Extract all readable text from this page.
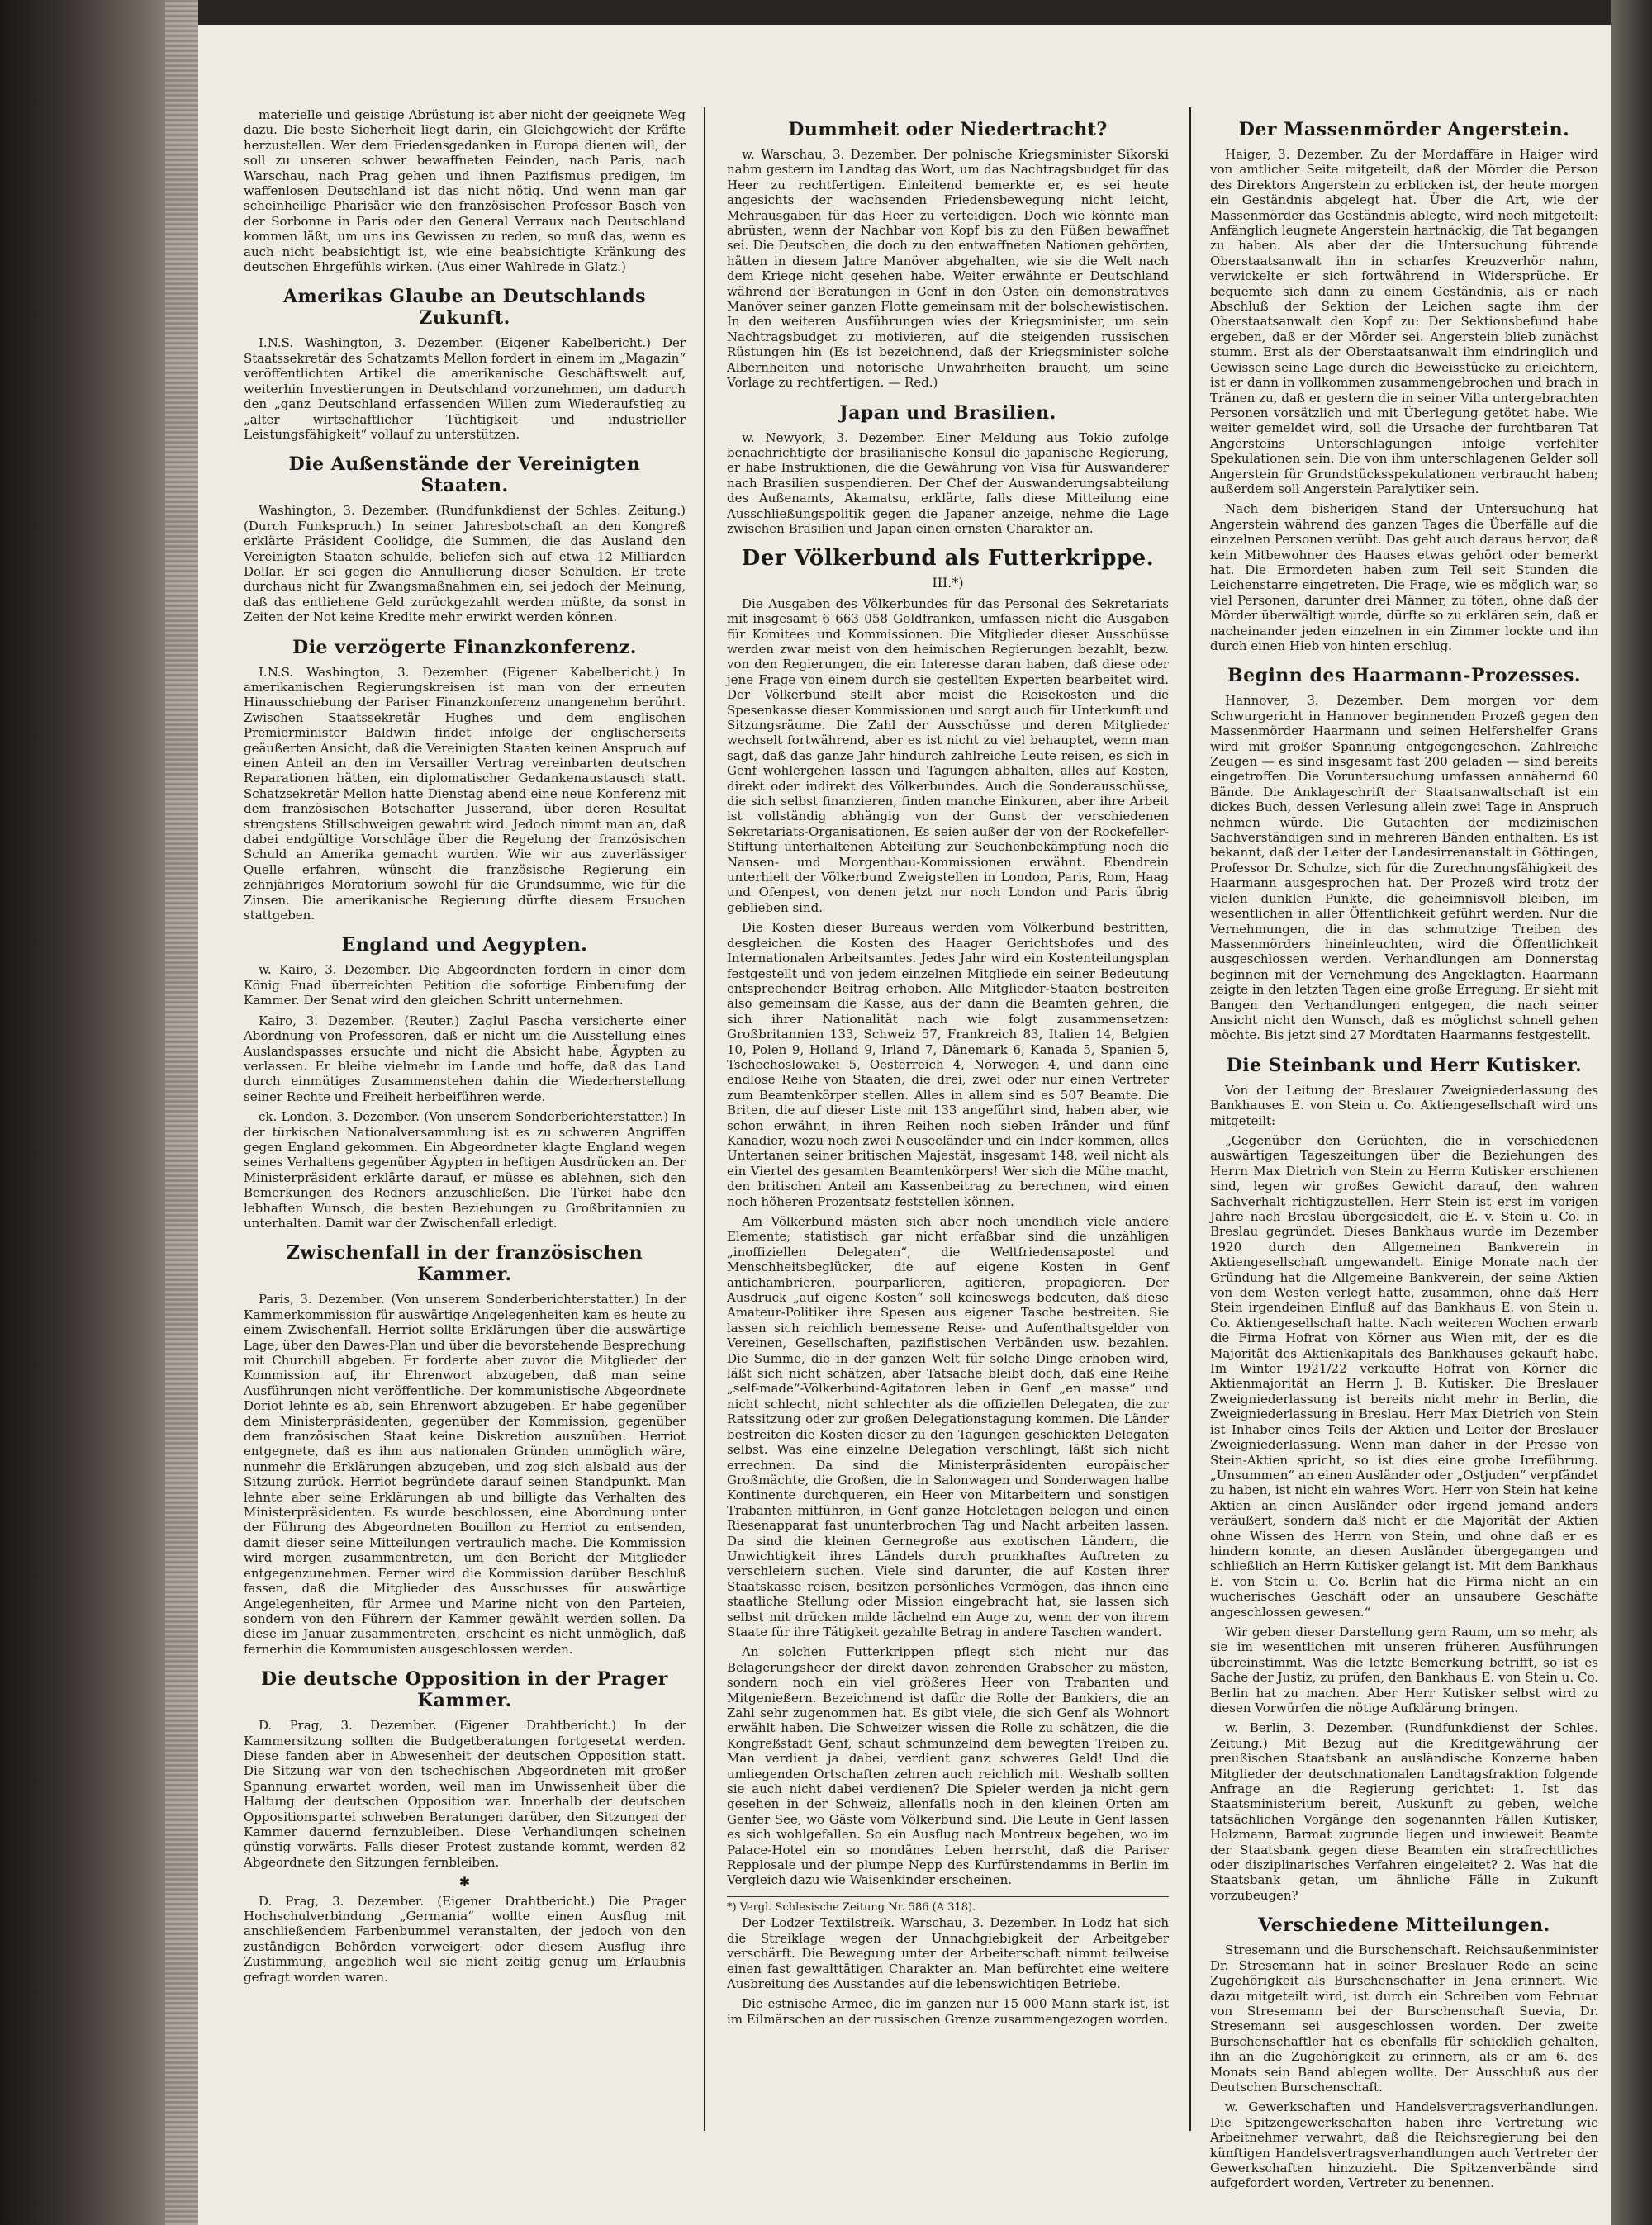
materielle und geistige Abrüstung ist aber nicht der geeignete Weg dazu. Die beste Sicherheit liegt darin, ein Gleichgewicht der Kräfte herzustellen. Wer dem Friedensgedanken in Europa dienen will, der soll zu unseren schwer bewaffneten Feinden, nach Paris, nach Warschau, nach Prag gehen und ihnen Pazifismus predigen, im waffenlosen Deutschland ist das nicht nötig. Und wenn man gar scheinheilige Pharisäer wie den französischen Professor Basch von der Sorbonne in Paris oder den General Verraux nach Deutschland kommen läßt, um uns ins Gewissen zu reden, so muß das, wenn es auch nicht beabsichtigt ist, wie eine beabsichtigte Kränkung des deutschen Ehrgefühls wirken. (Aus einer Wahlrede in Glatz.)

Amerikas Glaube an Deutschlands Zukunft.

I.N.S. Washington, 3. Dezember. (Eigener Kabelbericht.) Der Staatssekretär des Schatzamts Mellon fordert in einem im „Magazin“ veröffentlichten Artikel die amerikanische Geschäftswelt auf, weiterhin Investierungen in Deutschland vorzunehmen, um dadurch den „ganz Deutschland erfassenden Willen zum Wiederaufstieg zu „alter wirtschaftlicher Tüchtigkeit und industrieller Leistungsfähigkeit“ vollauf zu unterstützen.

Die Außenstände der Vereinigten Staaten.

Washington, 3. Dezember. (Rundfunkdienst der Schles. Zeitung.) (Durch Funkspruch.) In seiner Jahresbotschaft an den Kongreß erklärte Präsident Coolidge, die Summen, die das Ausland den Vereinigten Staaten schulde, beliefen sich auf etwa 12 Milliarden Dollar. Er sei gegen die Annullierung dieser Schulden. Er trete durchaus nicht für Zwangsmaßnahmen ein, sei jedoch der Meinung, daß das entliehene Geld zurückgezahlt werden müßte, da sonst in Zeiten der Not keine Kredite mehr erwirkt werden können.

Die verzögerte Finanzkonferenz.

I.N.S. Washington, 3. Dezember. (Eigener Kabelbericht.) In amerikanischen Regierungskreisen ist man von der erneuten Hinausschiebung der Pariser Finanzkonferenz unangenehm berührt. Zwischen Staatssekretär Hughes und dem englischen Premierminister Baldwin findet infolge der englischerseits geäußerten Ansicht, daß die Vereinigten Staaten keinen Anspruch auf einen Anteil an den im Versailler Vertrag vereinbarten deutschen Reparationen hätten, ein diplomatischer Gedankenaustausch statt. Schatzsekretär Mellon hatte Dienstag abend eine neue Konferenz mit dem französischen Botschafter Jusserand, über deren Resultat strengstens Stillschweigen gewahrt wird. Jedoch nimmt man an, daß dabei endgültige Vorschläge über die Regelung der französischen Schuld an Amerika gemacht wurden. Wie wir aus zuverlässiger Quelle erfahren, wünscht die französische Regierung ein zehnjähriges Moratorium sowohl für die Grundsumme, wie für die Zinsen. Die amerikanische Regierung dürfte diesem Ersuchen stattgeben.

England und Aegypten.

w. Kairo, 3. Dezember. Die Abgeordneten fordern in einer dem König Fuad überreichten Petition die sofortige Einberufung der Kammer. Der Senat wird den gleichen Schritt unternehmen.

Kairo, 3. Dezember. (Reuter.) Zaglul Pascha versicherte einer Abordnung von Professoren, daß er nicht um die Ausstellung eines Auslandspasses ersuchte und nicht die Absicht habe, Ägypten zu verlassen. Er bleibe vielmehr im Lande und hoffe, daß das Land durch einmütiges Zusammenstehen dahin die Wiederherstellung seiner Rechte und Freiheit herbeiführen werde.

ck. London, 3. Dezember. (Von unserem Sonderberichterstatter.) In der türkischen Nationalversammlung ist es zu schweren Angriffen gegen England gekommen. Ein Abgeordneter klagte England wegen seines Verhaltens gegenüber Ägypten in heftigen Ausdrücken an. Der Ministerpräsident erklärte darauf, er müsse es ablehnen, sich den Bemerkungen des Redners anzuschließen. Die Türkei habe den lebhaften Wunsch, die besten Beziehungen zu Großbritannien zu unterhalten. Damit war der Zwischenfall erledigt.

Zwischenfall in der französischen Kammer.

Paris, 3. Dezember. (Von unserem Sonderberichterstatter.) In der Kammerkommission für auswärtige Angelegenheiten kam es heute zu einem Zwischenfall. Herriot sollte Erklärungen über die auswärtige Lage, über den Dawes-Plan und über die bevorstehende Besprechung mit Churchill abgeben. Er forderte aber zuvor die Mitglieder der Kommission auf, ihr Ehrenwort abzugeben, daß man seine Ausführungen nicht veröffentliche. Der kommunistische Abgeordnete Doriot lehnte es ab, sein Ehrenwort abzugeben. Er habe gegenüber dem Ministerpräsidenten, gegenüber der Kommission, gegenüber dem französischen Staat keine Diskretion auszuüben. Herriot entgegnete, daß es ihm aus nationalen Gründen unmöglich wäre, nunmehr die Erklärungen abzugeben, und zog sich alsbald aus der Sitzung zurück. Herriot begründete darauf seinen Standpunkt. Man lehnte aber seine Erklärungen ab und billigte das Verhalten des Ministerpräsidenten. Es wurde beschlossen, eine Abordnung unter der Führung des Abgeordneten Bouillon zu Herriot zu entsenden, damit dieser seine Mitteilungen vertraulich mache. Die Kommission wird morgen zusammentreten, um den Bericht der Mitglieder entgegenzunehmen. Ferner wird die Kommission darüber Beschluß fassen, daß die Mitglieder des Ausschusses für auswärtige Angelegenheiten, für Armee und Marine nicht von den Parteien, sondern von den Führern der Kammer gewählt werden sollen. Da diese im Januar zusammentreten, erscheint es nicht unmöglich, daß fernerhin die Kommunisten ausgeschlossen werden.

Die deutsche Opposition in der Prager Kammer.

D. Prag, 3. Dezember. (Eigener Drahtbericht.) In der Kammersitzung sollten die Budgetberatungen fortgesetzt werden. Diese fanden aber in Abwesenheit der deutschen Opposition statt. Die Sitzung war von den tschechischen Abgeordneten mit großer Spannung erwartet worden, weil man im Unwissenheit über die Haltung der deutschen Opposition war. Innerhalb der deutschen Oppositionspartei schweben Beratungen darüber, den Sitzungen der Kammer dauernd fernzubleiben. Diese Verhandlungen scheinen günstig vorwärts. Falls dieser Protest zustande kommt, werden 82 Abgeordnete den Sitzungen fernbleiben.

✱

D. Prag, 3. Dezember. (Eigener Drahtbericht.) Die Prager Hochschulverbindung „Germania“ wollte einen Ausflug mit anschließendem Farbenbummel veranstalten, der jedoch von den zuständigen Behörden verweigert oder diesem Ausflug ihre Zustimmung, angeblich weil sie nicht zeitig genug um Erlaubnis gefragt worden waren.

Dummheit oder Niedertracht?

w. Warschau, 3. Dezember. Der polnische Kriegsminister Sikorski nahm gestern im Landtag das Wort, um das Nachtragsbudget für das Heer zu rechtfertigen. Einleitend bemerkte er, es sei heute angesichts der wachsenden Friedensbewegung nicht leicht, Mehrausgaben für das Heer zu verteidigen. Doch wie könnte man abrüsten, wenn der Nachbar von Kopf bis zu den Füßen bewaffnet sei. Die Deutschen, die doch zu den entwaffneten Nationen gehörten, hätten in diesem Jahre Manöver abgehalten, wie sie die Welt nach dem Kriege nicht gesehen habe. Weiter erwähnte er Deutschland während der Beratungen in Genf in den Osten ein demonstratives Manöver seiner ganzen Flotte gemeinsam mit der bolschewistischen. In den weiteren Ausführungen wies der Kriegsminister, um sein Nachtragsbudget zu motivieren, auf die steigenden russischen Rüstungen hin (Es ist bezeichnend, daß der Kriegsminister solche Albernheiten und notorische Unwahrheiten braucht, um seine Vorlage zu rechtfertigen. — Red.)

Japan und Brasilien.

w. Newyork, 3. Dezember. Einer Meldung aus Tokio zufolge benachrichtigte der brasilianische Konsul die japanische Regierung, er habe Instruktionen, die die Gewährung von Visa für Auswanderer nach Brasilien suspendieren. Der Chef der Auswanderungsabteilung des Außenamts, Akamatsu, erklärte, falls diese Mitteilung eine Ausschließungspolitik gegen die Japaner anzeige, nehme die Lage zwischen Brasilien und Japan einen ernsten Charakter an.

Der Völkerbund als Futterkrippe.
III.*)

Die Ausgaben des Völkerbundes für das Personal des Sekretariats mit insgesamt 6 663 058 Goldfranken, umfassen nicht die Ausgaben für Komitees und Kommissionen. Die Mitglieder dieser Ausschüsse werden zwar meist von den heimischen Regierungen bezahlt, bezw. von den Regierungen, die ein Interesse daran haben, daß diese oder jene Frage von einem durch sie gestellten Experten bearbeitet wird. Der Völkerbund stellt aber meist die Reisekosten und die Spesenkasse dieser Kommissionen und sorgt auch für Unterkunft und Sitzungsräume. Die Zahl der Ausschüsse und deren Mitglieder wechselt fortwährend, aber es ist nicht zu viel behauptet, wenn man sagt, daß das ganze Jahr hindurch zahlreiche Leute reisen, es sich in Genf wohlergehen lassen und Tagungen abhalten, alles auf Kosten, direkt oder indirekt des Völkerbundes. Auch die Sonderausschüsse, die sich selbst finanzieren, finden manche Einkuren, aber ihre Arbeit ist vollständig abhängig von der Gunst der verschiedenen Sekretariats-Organisationen. Es seien außer der von der Rockefeller-Stiftung unterhaltenen Abteilung zur Seuchenbekämpfung noch die Nansen- und Morgenthau-Kommissionen erwähnt. Ebendrein unterhielt der Völkerbund Zweigstellen in London, Paris, Rom, Haag und Ofenpest, von denen jetzt nur noch London und Paris übrig geblieben sind.

Die Kosten dieser Bureaus werden vom Völkerbund bestritten, desgleichen die Kosten des Haager Gerichtshofes und des Internationalen Arbeitsamtes. Jedes Jahr wird ein Kostenteilungsplan festgestellt und von jedem einzelnen Mitgliede ein seiner Bedeutung entsprechender Beitrag erhoben. Alle Mitglieder-Staaten bestreiten also gemeinsam die Kasse, aus der dann die Beamten gehren, die sich ihrer Nationalität nach wie folgt zusammensetzen: Großbritannien 133, Schweiz 57, Frankreich 83, Italien 14, Belgien 10, Polen 9, Holland 9, Irland 7, Dänemark 6, Kanada 5, Spanien 5, Tschechoslowakei 5, Oesterreich 4, Norwegen 4, und dann eine endlose Reihe von Staaten, die drei, zwei oder nur einen Vertreter zum Beamtenkörper stellen. Alles in allem sind es 507 Beamte. Die Briten, die auf dieser Liste mit 133 angeführt sind, haben aber, wie schon erwähnt, in ihren Reihen noch sieben Iränder und fünf Kanadier, wozu noch zwei Neuseeländer und ein Inder kommen, alles Untertanen seiner britischen Majestät, insgesamt 148, weil nicht als ein Viertel des gesamten Beamtenkörpers! Wer sich die Mühe macht, den britischen Anteil am Kassenbeitrag zu berechnen, wird einen noch höheren Prozentsatz feststellen können.

Am Völkerbund mästen sich aber noch unendlich viele andere Elemente; statistisch gar nicht erfaßbar sind die unzähligen „inoffiziellen Delegaten“, die Weltfriedensapostel und Menschheitsbeglücker, die auf eigene Kosten in Genf antichambrieren, pourparlieren, agitieren, propagieren. Der Ausdruck „auf eigene Kosten“ soll keineswegs bedeuten, daß diese Amateur-Politiker ihre Spesen aus eigener Tasche bestreiten. Sie lassen sich reichlich bemessene Reise- und Aufenthaltsgelder von Vereinen, Gesellschaften, pazifistischen Verbänden usw. bezahlen. Die Summe, die in der ganzen Welt für solche Dinge erhoben wird, läßt sich nicht schätzen, aber Tatsache bleibt doch, daß eine Reihe „self-made“-Völkerbund-Agitatoren leben in Genf „en masse“ und nicht schlecht, nicht schlechter als die offiziellen Delegaten, die zur Ratssitzung oder zur großen Delegationstagung kommen. Die Länder bestreiten die Kosten dieser zu den Tagungen geschickten Delegaten selbst. Was eine einzelne Delegation verschlingt, läßt sich nicht errechnen. Da sind die Ministerpräsidenten europäischer Großmächte, die Großen, die in Salonwagen und Sonderwagen halbe Kontinente durchqueren, ein Heer von Mitarbeitern und sonstigen Trabanten mitführen, in Genf ganze Hoteletagen belegen und einen Riesenapparat fast ununterbrochen Tag und Nacht arbeiten lassen. Da sind die kleinen Gernegroße aus exotischen Ländern, die Unwichtigkeit ihres Ländels durch prunkhaftes Auftreten zu verschleiern suchen. Viele sind darunter, die auf Kosten ihrer Staatskasse reisen, besitzen persönliches Vermögen, das ihnen eine staatliche Stellung oder Mission eingebracht hat, sie lassen sich selbst mit drücken milde lächelnd ein Auge zu, wenn der von ihrem Staate für ihre Tätigkeit gezahlte Betrag in andere Taschen wandert.

An solchen Futterkrippen pflegt sich nicht nur das Belagerungsheer der direkt davon zehrenden Grabscher zu mästen, sondern noch ein viel größeres Heer von Trabanten und Mitgenießern. Bezeichnend ist dafür die Rolle der Bankiers, die an Zahl sehr zugenommen hat. Es gibt viele, die sich Genf als Wohnort erwählt haben. Die Schweizer wissen die Rolle zu schätzen, die die Kongreßstadt Genf, schaut schmunzelnd dem bewegten Treiben zu. Man verdient ja dabei, verdient ganz schweres Geld! Und die umliegenden Ortschaften zehren auch reichlich mit. Weshalb sollten sie auch nicht dabei verdienen? Die Spieler werden ja nicht gern gesehen in der Schweiz, allenfalls noch in den kleinen Orten am Genfer See, wo Gäste vom Völkerbund sind. Die Leute in Genf lassen es sich wohlgefallen. So ein Ausflug nach Montreux begeben, wo im Palace-Hotel ein so mondänes Leben herrscht, daß die Pariser Repplosale und der plumpe Nepp des Kurfürstendamms in Berlin im Vergleich dazu wie Waisenkinder erscheinen.

*) Vergl. Schlesische Zeitung Nr. 586 (A 318).

Der Lodzer Textilstreik. Warschau, 3. Dezember. In Lodz hat sich die Streiklage wegen der Unnachgiebigkeit der Arbeitgeber verschärft. Die Bewegung unter der Arbeiterschaft nimmt teilweise einen fast gewalttätigen Charakter an. Man befürchtet eine weitere Ausbreitung des Ausstandes auf die lebenswichtigen Betriebe.

Die estnische Armee, die im ganzen nur 15 000 Mann stark ist, ist im Eilmärschen an der russischen Grenze zusammengezogen worden.

Der Massenmörder Angerstein.

Haiger, 3. Dezember. Zu der Mordaffäre in Haiger wird von amtlicher Seite mitgeteilt, daß der Mörder die Person des Direktors Angerstein zu erblicken ist, der heute morgen ein Geständnis abgelegt hat. Über die Art, wie der Massenmörder das Geständnis ablegte, wird noch mitgeteilt: Anfänglich leugnete Angerstein hartnäckig, die Tat begangen zu haben. Als aber der die Untersuchung führende Oberstaatsanwalt ihn in scharfes Kreuzverhör nahm, verwickelte er sich fortwährend in Widersprüche. Er bequemte sich dann zu einem Geständnis, als er nach Abschluß der Sektion der Leichen sagte ihm der Oberstaatsanwalt den Kopf zu: Der Sektionsbefund habe ergeben, daß er der Mörder sei. Angerstein blieb zunächst stumm. Erst als der Oberstaatsanwalt ihm eindringlich und Gewissen seine Lage durch die Beweisstücke zu erleichtern, ist er dann in vollkommen zusammengebrochen und brach in Tränen zu, daß er gestern die in seiner Villa untergebrachten Personen vorsätzlich und mit Überlegung getötet habe. Wie weiter gemeldet wird, soll die Ursache der furchtbaren Tat Angersteins Unterschlagungen infolge verfehlter Spekulationen sein. Die von ihm unterschlagenen Gelder soll Angerstein für Grundstücksspekulationen verbraucht haben; außerdem soll Angerstein Paralytiker sein.

Nach dem bisherigen Stand der Untersuchung hat Angerstein während des ganzen Tages die Überfälle auf die einzelnen Personen verübt. Das geht auch daraus hervor, daß kein Mitbewohner des Hauses etwas gehört oder bemerkt hat. Die Ermordeten haben zum Teil seit Stunden die Leichenstarre eingetreten. Die Frage, wie es möglich war, so viel Personen, darunter drei Männer, zu töten, ohne daß der Mörder überwältigt wurde, dürfte so zu erklären sein, daß er nacheinander jeden einzelnen in ein Zimmer lockte und ihn durch einen Hieb von hinten erschlug.

Beginn des Haarmann-Prozesses.

Hannover, 3. Dezember. Dem morgen vor dem Schwurgericht in Hannover beginnenden Prozeß gegen den Massenmörder Haarmann und seinen Helfershelfer Grans wird mit großer Spannung entgegengesehen. Zahlreiche Zeugen — es sind insgesamt fast 200 geladen — sind bereits eingetroffen. Die Voruntersuchung umfassen annähernd 60 Bände. Die Anklageschrift der Staatsanwaltschaft ist ein dickes Buch, dessen Verlesung allein zwei Tage in Anspruch nehmen würde. Die Gutachten der medizinischen Sachverständigen sind in mehreren Bänden enthalten. Es ist bekannt, daß der Leiter der Landesirrenanstalt in Göttingen, Professor Dr. Schulze, sich für die Zurechnungsfähigkeit des Haarmann ausgesprochen hat. Der Prozeß wird trotz der vielen dunklen Punkte, die geheimnisvoll bleiben, im wesentlichen in aller Öffentlichkeit geführt werden. Nur die Vernehmungen, die in das schmutzige Treiben des Massenmörders hineinleuchten, wird die Öffentlichkeit ausgeschlossen werden. Verhandlungen am Donnerstag beginnen mit der Vernehmung des Angeklagten. Haarmann zeigte in den letzten Tagen eine große Erregung. Er sieht mit Bangen den Verhandlungen entgegen, die nach seiner Ansicht nicht den Wunsch, daß es möglichst schnell gehen möchte. Bis jetzt sind 27 Mordtaten Haarmanns festgestellt.

Die Steinbank und Herr Kutisker.

Von der Leitung der Breslauer Zweigniederlassung des Bankhauses E. von Stein u. Co. Aktiengesellschaft wird uns mitgeteilt:

„Gegenüber den Gerüchten, die in verschiedenen auswärtigen Tageszeitungen über die Beziehungen des Herrn Max Dietrich von Stein zu Herrn Kutisker erschienen sind, legen wir großes Gewicht darauf, den wahren Sachverhalt richtigzustellen. Herr Stein ist erst im vorigen Jahre nach Breslau übergesiedelt, die E. v. Stein u. Co. in Breslau gegründet. Dieses Bankhaus wurde im Dezember 1920 durch den Allgemeinen Bankverein in Aktiengesellschaft umgewandelt. Einige Monate nach der Gründung hat die Allgemeine Bankverein, der seine Aktien von dem Westen verlegt hatte, zusammen, ohne daß Herr Stein irgendeinen Einfluß auf das Bankhaus E. von Stein u. Co. Aktiengesellschaft hatte. Nach weiteren Wochen erwarb die Firma Hofrat von Körner aus Wien mit, der es die Majorität des Aktienkapitals des Bankhauses gekauft habe. Im Winter 1921/22 verkaufte Hofrat von Körner die Aktienmajorität an Herrn J. B. Kutisker. Die Breslauer Zweigniederlassung ist bereits nicht mehr in Berlin, die Zweigniederlassung in Breslau. Herr Max Dietrich von Stein ist Inhaber eines Teils der Aktien und Leiter der Breslauer Zweigniederlassung. Wenn man daher in der Presse von Stein-Aktien spricht, so ist dies eine grobe Irreführung. „Unsummen“ an einen Ausländer oder „Ostjuden“ verpfändet zu haben, ist nicht ein wahres Wort. Herr von Stein hat keine Aktien an einen Ausländer oder irgend jemand anders veräußert, sondern daß nicht er die Majorität der Aktien ohne Wissen des Herrn von Stein, und ohne daß er es hindern konnte, an diesen Ausländer übergegangen und schließlich an Herrn Kutisker gelangt ist. Mit dem Bankhaus E. von Stein u. Co. Berlin hat die Firma nicht an ein wucherisches Geschäft oder an unsaubere Geschäfte angeschlossen gewesen.“

Wir geben dieser Darstellung gern Raum, um so mehr, als sie im wesentlichen mit unseren früheren Ausführungen übereinstimmt. Was die letzte Bemerkung betrifft, so ist es Sache der Justiz, zu prüfen, den Bankhaus E. von Stein u. Co. Berlin hat zu machen. Aber Herr Kutisker selbst wird zu diesen Vorwürfen die nötige Aufklärung bringen.

w. Berlin, 3. Dezember. (Rundfunkdienst der Schles. Zeitung.) Mit Bezug auf die Kreditgewährung der preußischen Staatsbank an ausländische Konzerne haben Mitglieder der deutschnationalen Landtagsfraktion folgende Anfrage an die Regierung gerichtet: 1. Ist das Staatsministerium bereit, Auskunft zu geben, welche tatsächlichen Vorgänge den sogenannten Fällen Kutisker, Holzmann, Barmat zugrunde liegen und inwieweit Beamte der Staatsbank gegen diese Beamten ein strafrechtliches oder disziplinarisches Verfahren eingeleitet? 2. Was hat die Staatsbank getan, um ähnliche Fälle in Zukunft vorzubeugen?

Verschiedene Mitteilungen.

Stresemann und die Burschenschaft. Reichsaußenminister Dr. Stresemann hat in seiner Breslauer Rede an seine Zugehörigkeit als Burschenschafter in Jena erinnert. Wie dazu mitgeteilt wird, ist durch ein Schreiben vom Februar von Stresemann bei der Burschenschaft Suevia, Dr. Stresemann sei ausgeschlossen worden. Der zweite Burschenschaftler hat es ebenfalls für schicklich gehalten, ihn an die Zugehörigkeit zu erinnern, als er am 6. des Monats sein Band ablegen wollte. Der Ausschluß aus der Deutschen Burschenschaft.

w. Gewerkschaften und Handelsvertragsverhandlungen. Die Spitzengewerkschaften haben ihre Vertretung wie Arbeitnehmer verwahrt, daß die Reichsregierung bei den künftigen Handelsvertragsverhandlungen auch Vertreter der Gewerkschaften hinzuzieht. Die Spitzenverbände sind aufgefordert worden, Vertreter zu benennen.
